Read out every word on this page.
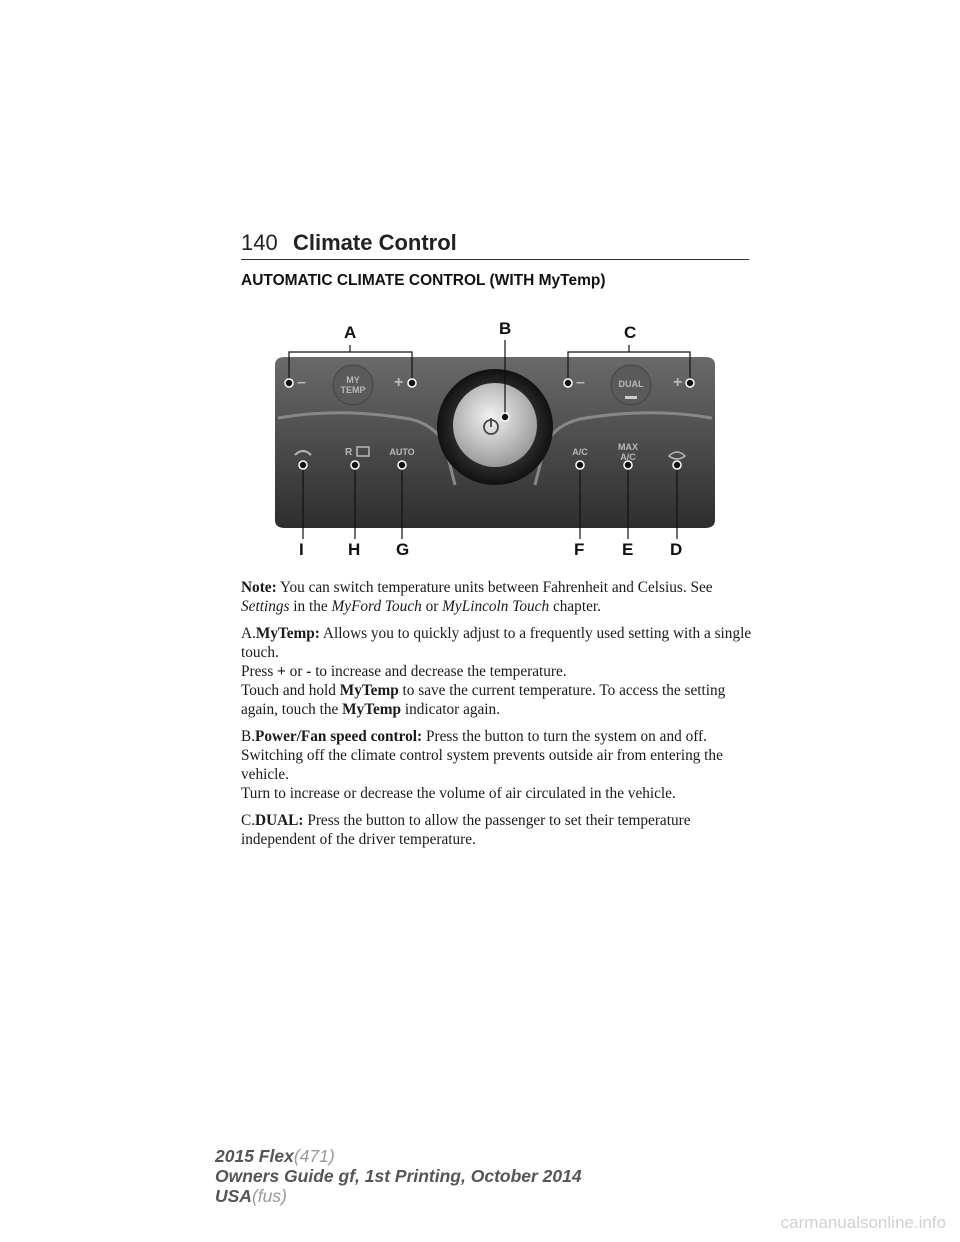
140 Climate Control
AUTOMATIC CLIMATE CONTROL (WITH MyTemp)
–	+
MY
TEMP	–	DUAL +
R	AUTO	A/C	MAX
A/C
A	B	C
I	H G	F E D

Note: You can switch temperature units between Fahrenheit and Celsius. See Settings in the MyFord Touch or MyLincoln Touch chapter.

A.MyTemp: Allows you to quickly adjust to a frequently used setting with a single touch.
Press + or - to increase and decrease the temperature.
Touch and hold MyTemp to save the current temperature. To access the setting again, touch the MyTemp indicator again.

B.Power/Fan speed control: Press the button to turn the system on and off. Switching off the climate control system prevents outside air from entering the vehicle.
Turn to increase or decrease the volume of air circulated in the vehicle.

C.DUAL: Press the button to allow the passenger to set their temperature independent of the driver temperature.

2015 Flex(471)
Owners Guide gf, 1st Printing, October 2014
USA(fus)
carmanualsonline.info
